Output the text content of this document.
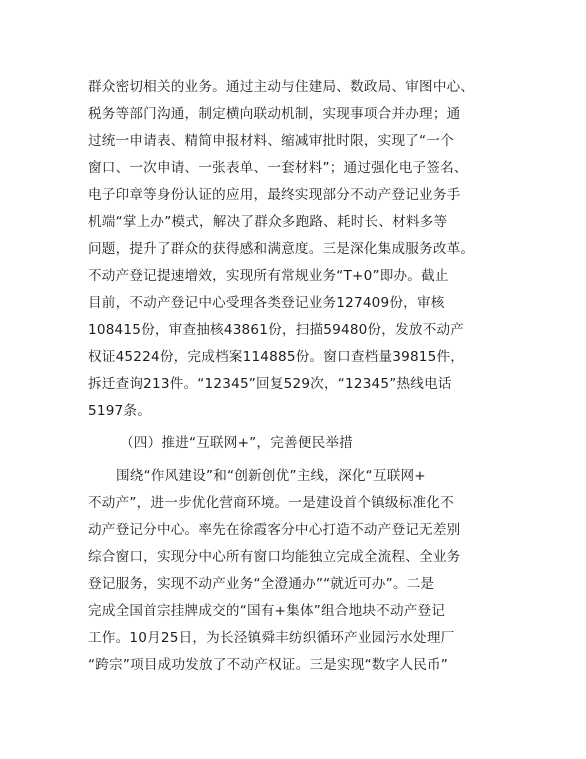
群众密切相关的业务。通过主动与住建局、数政局、审图中心、
税务等部门沟通，制定横向联动机制，实现事项合并办理；通
过统一申请表、精简申报材料、缩减审批时限，实现了“一个
窗口、一次申请、一张表单、一套材料”；通过强化电子签名、
电子印章等身份认证的应用，最终实现部分不动产登记业务手
机端“掌上办”模式，解决了群众多跑路、耗时长、材料多等
问题，提升了群众的获得感和满意度。三是深化集成服务改革。
不动产登记提速增效，实现所有常规业务“T+0”即办。截止
目前，不动产登记中心受理各类登记业务127409份，审核
108415份，审查抽核43861份，扫描59480份，发放不动产
权证45224份，完成档案114885份。窗口查档量39815件，
拆迁查询213件。“12345”回复529次，“12345”热线电话
5197条。
（四）推进“互联网+”，完善便民举措
围绕“作风建设”和“创新创优”主线，深化“互联网+
不动产”，进一步优化营商环境。一是建设首个镇级标准化不
动产登记分中心。率先在徐霞客分中心打造不动产登记无差别
综合窗口，实现分中心所有窗口均能独立完成全流程、全业务
登记服务，实现不动产业务“全澄通办”“就近可办”。二是
完成全国首宗挂牌成交的“国有+集体”组合地块不动产登记
工作。10月25日，为长泾镇舜丰纺织循环产业园污水处理厂
“跨宗”项目成功发放了不动产权证。三是实现“数字人民币”
